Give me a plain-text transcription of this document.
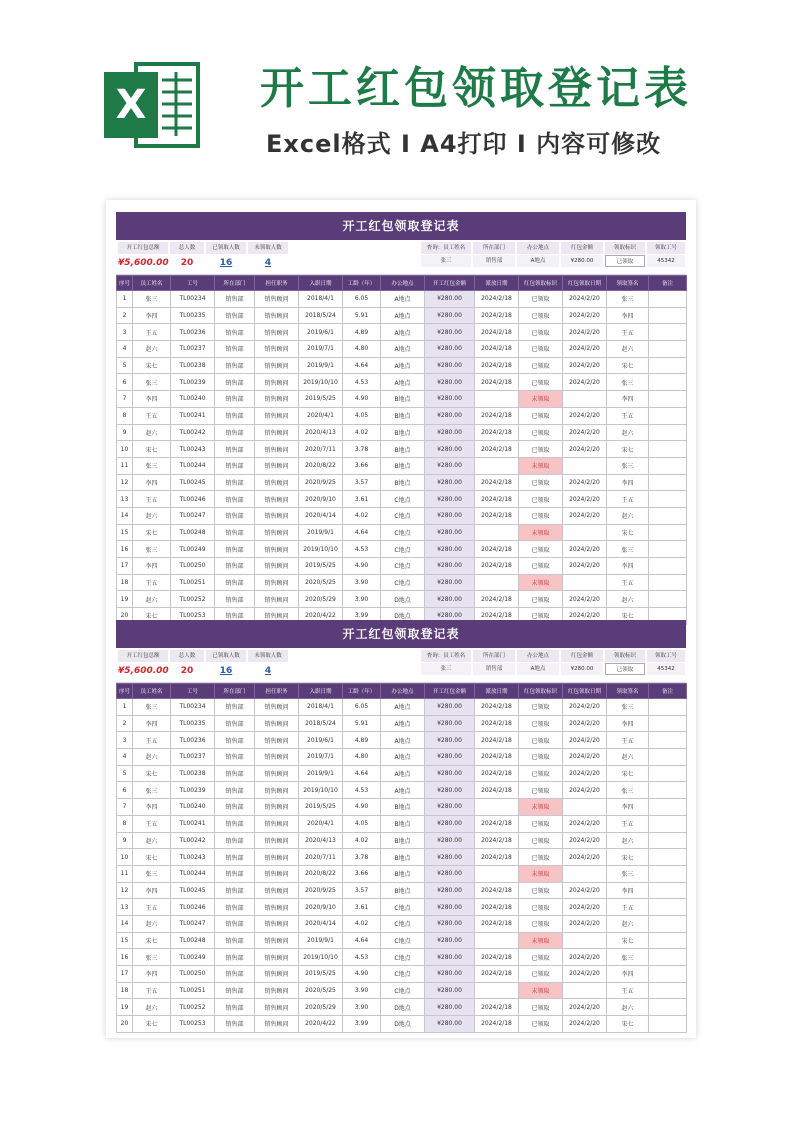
X	开工红包领取登记表
Excel格式 I A4打印 I 内容可修改
开工红包领取登记表
开工红包总额	总人数	已领取人数	未领取人数
¥5,600.00	20	16	4
查询：员工姓名	所在部门	办公地点	红包金额	领取标识	领取工号
张三	销售部	A地点	¥280.00	已领取	45342
序号	员工姓名	工号	所在部门	担任职务	入职日期	工龄（年）	办公地点	开工红包金额	派放日期	红包领取标识	红包领取日期	领取签名	备注
1	张三	TL00234	销售部	销售顾问	2018/4/1	6.05	A地点	¥280.00	2024/2/18	已领取	2024/2/20	张三	
2	李四	TL00235	销售部	销售顾问	2018/5/24	5.91	A地点	¥280.00	2024/2/18	已领取	2024/2/20	李四	
3	王五	TL00236	销售部	销售顾问	2019/6/1	4.89	A地点	¥280.00	2024/2/18	已领取	2024/2/20	王五	
4	赵六	TL00237	销售部	销售顾问	2019/7/1	4.80	A地点	¥280.00	2024/2/18	已领取	2024/2/20	赵六	
5	宋七	TL00238	销售部	销售顾问	2019/9/1	4.64	A地点	¥280.00	2024/2/18	已领取	2024/2/20	宋七	
6	张三	TL00239	销售部	销售顾问	2019/10/10	4.53	A地点	¥280.00	2024/2/18	已领取	2024/2/20	张三	
7	李四	TL00240	销售部	销售顾问	2019/5/25	4.90	B地点	¥280.00		未领取		李四	
8	王五	TL00241	销售部	销售顾问	2020/4/1	4.05	B地点	¥280.00	2024/2/18	已领取	2024/2/20	王五	
9	赵六	TL00242	销售部	销售顾问	2020/4/13	4.02	B地点	¥280.00	2024/2/18	已领取	2024/2/20	赵六	
10	宋七	TL00243	销售部	销售顾问	2020/7/11	3.78	B地点	¥280.00	2024/2/18	已领取	2024/2/20	宋七	
11	张三	TL00244	销售部	销售顾问	2020/8/22	3.66	B地点	¥280.00		未领取		张三	
12	李四	TL00245	销售部	销售顾问	2020/9/25	3.57	B地点	¥280.00	2024/2/18	已领取	2024/2/20	李四	
13	王五	TL00246	销售部	销售顾问	2020/9/10	3.61	C地点	¥280.00	2024/2/18	已领取	2024/2/20	王五	
14	赵六	TL00247	销售部	销售顾问	2020/4/14	4.02	C地点	¥280.00	2024/2/18	已领取	2024/2/20	赵六	
15	宋七	TL00248	销售部	销售顾问	2019/9/1	4.64	C地点	¥280.00		未领取		宋七	
16	张三	TL00249	销售部	销售顾问	2019/10/10	4.53	C地点	¥280.00	2024/2/18	已领取	2024/2/20	张三	
17	李四	TL00250	销售部	销售顾问	2019/5/25	4.90	C地点	¥280.00	2024/2/18	已领取	2024/2/20	李四	
18	王五	TL00251	销售部	销售顾问	2020/5/25	3.90	C地点	¥280.00		未领取		王五	
19	赵六	TL00252	销售部	销售顾问	2020/5/29	3.90	D地点	¥280.00	2024/2/18	已领取	2024/2/20	赵六	
20	宋七	TL00253	销售部	销售顾问	2020/4/22	3.99	D地点	¥280.00	2024/2/18	已领取	2024/2/20	宋七	
开工红包领取登记表
开工红包总额	总人数	已领取人数	未领取人数
¥5,600.00	20	16	4
查询：员工姓名	所在部门	办公地点	红包金额	领取标识	领取工号
张三	销售部	A地点	¥280.00	已领取	45342
序号	员工姓名	工号	所在部门	担任职务	入职日期	工龄（年）	办公地点	开工红包金额	派放日期	红包领取标识	红包领取日期	领取签名	备注
1	张三	TL00234	销售部	销售顾问	2018/4/1	6.05	A地点	¥280.00	2024/2/18	已领取	2024/2/20	张三	
2	李四	TL00235	销售部	销售顾问	2018/5/24	5.91	A地点	¥280.00	2024/2/18	已领取	2024/2/20	李四	
3	王五	TL00236	销售部	销售顾问	2019/6/1	4.89	A地点	¥280.00	2024/2/18	已领取	2024/2/20	王五	
4	赵六	TL00237	销售部	销售顾问	2019/7/1	4.80	A地点	¥280.00	2024/2/18	已领取	2024/2/20	赵六	
5	宋七	TL00238	销售部	销售顾问	2019/9/1	4.64	A地点	¥280.00	2024/2/18	已领取	2024/2/20	宋七	
6	张三	TL00239	销售部	销售顾问	2019/10/10	4.53	A地点	¥280.00	2024/2/18	已领取	2024/2/20	张三	
7	李四	TL00240	销售部	销售顾问	2019/5/25	4.90	B地点	¥280.00		未领取		李四	
8	王五	TL00241	销售部	销售顾问	2020/4/1	4.05	B地点	¥280.00	2024/2/18	已领取	2024/2/20	王五	
9	赵六	TL00242	销售部	销售顾问	2020/4/13	4.02	B地点	¥280.00	2024/2/18	已领取	2024/2/20	赵六	
10	宋七	TL00243	销售部	销售顾问	2020/7/11	3.78	B地点	¥280.00	2024/2/18	已领取	2024/2/20	宋七	
11	张三	TL00244	销售部	销售顾问	2020/8/22	3.66	B地点	¥280.00		未领取		张三	
12	李四	TL00245	销售部	销售顾问	2020/9/25	3.57	B地点	¥280.00	2024/2/18	已领取	2024/2/20	李四	
13	王五	TL00246	销售部	销售顾问	2020/9/10	3.61	C地点	¥280.00	2024/2/18	已领取	2024/2/20	王五	
14	赵六	TL00247	销售部	销售顾问	2020/4/14	4.02	C地点	¥280.00	2024/2/18	已领取	2024/2/20	赵六	
15	宋七	TL00248	销售部	销售顾问	2019/9/1	4.64	C地点	¥280.00		未领取		宋七	
16	张三	TL00249	销售部	销售顾问	2019/10/10	4.53	C地点	¥280.00	2024/2/18	已领取	2024/2/20	张三	
17	李四	TL00250	销售部	销售顾问	2019/5/25	4.90	C地点	¥280.00	2024/2/18	已领取	2024/2/20	李四	
18	王五	TL00251	销售部	销售顾问	2020/5/25	3.90	C地点	¥280.00		未领取		王五	
19	赵六	TL00252	销售部	销售顾问	2020/5/29	3.90	D地点	¥280.00	2024/2/18	已领取	2024/2/20	赵六	
20	宋七	TL00253	销售部	销售顾问	2020/4/22	3.99	D地点	¥280.00	2024/2/18	已领取	2024/2/20	宋七	
